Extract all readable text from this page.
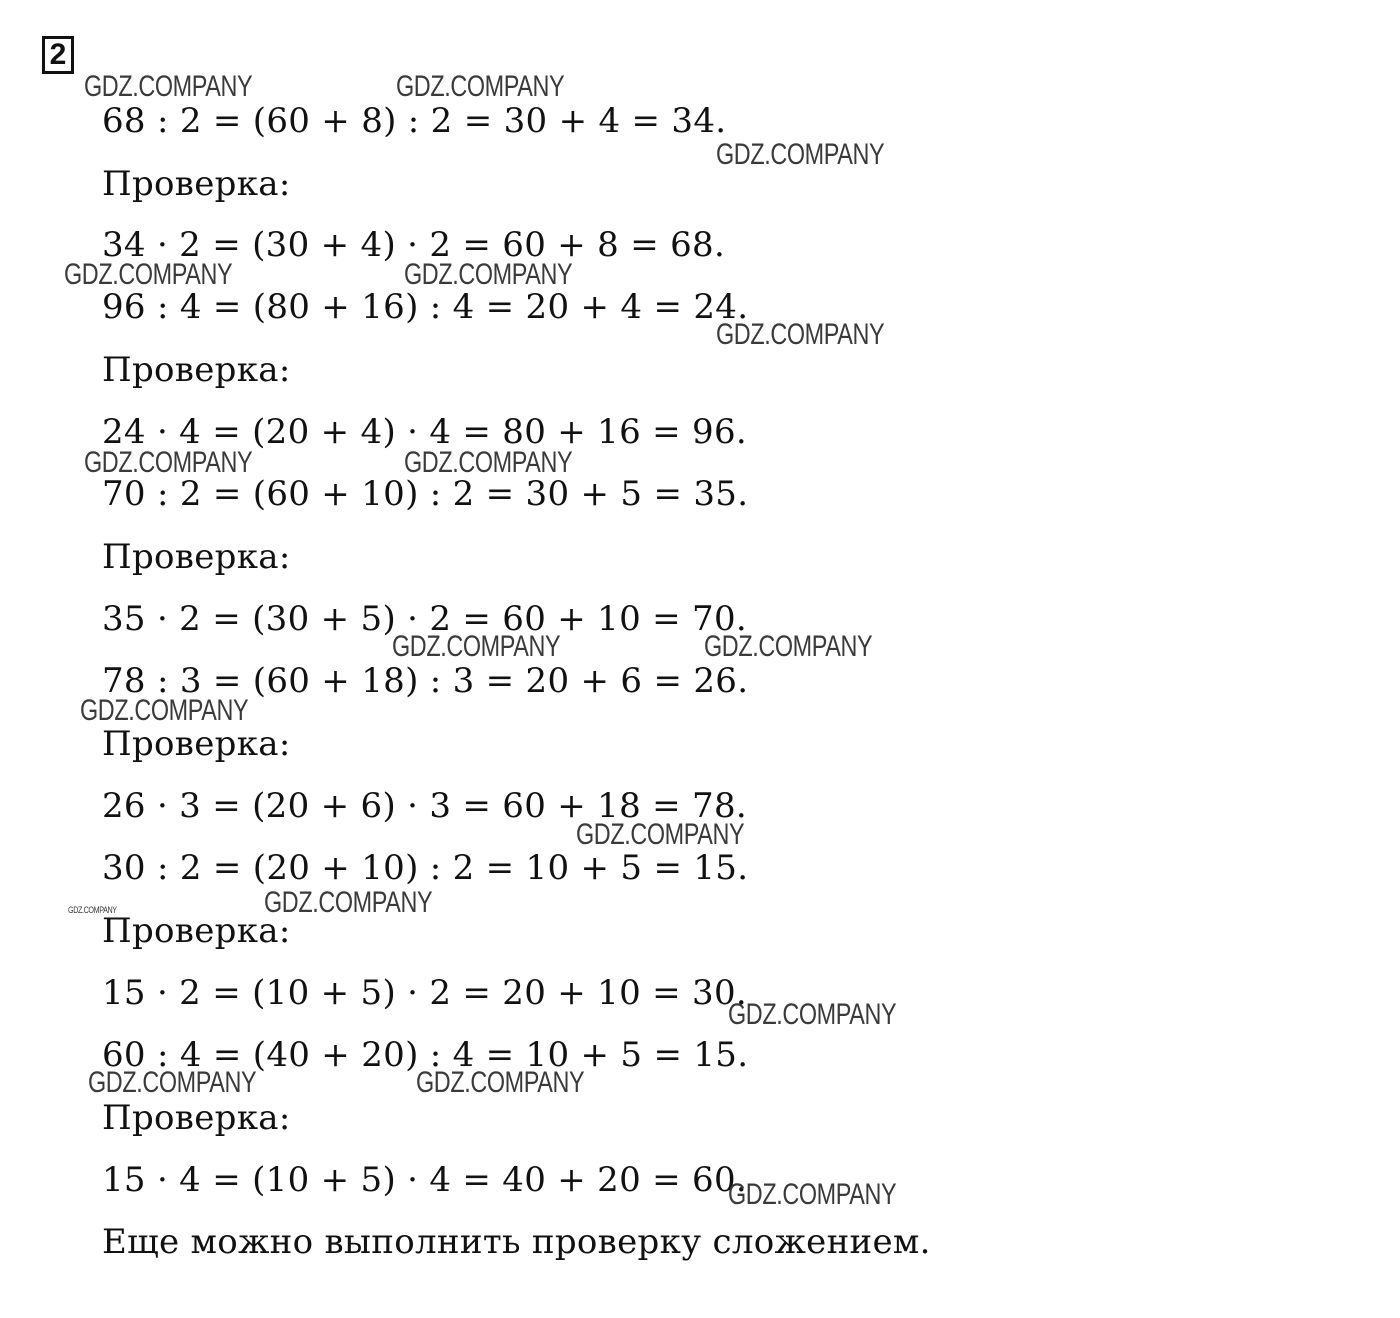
2
68 : 2 = (60 + 8) : 2 = 30 + 4 = 34.
Проверка:
34 · 2 = (30 + 4) · 2 = 60 + 8 = 68.
96 : 4 = (80 + 16) : 4 = 20 + 4 = 24.
Проверка:
24 · 4 = (20 + 4) · 4 = 80 + 16 = 96.
70 : 2 = (60 + 10) : 2 = 30 + 5 = 35.
Проверка:
35 · 2 = (30 + 5) · 2 = 60 + 10 = 70.
78 : 3 = (60 + 18) : 3 = 20 + 6 = 26.
Проверка:
26 · 3 = (20 + 6) · 3 = 60 + 18 = 78.
30 : 2 = (20 + 10) : 2 = 10 + 5 = 15.
Проверка:
15 · 2 = (10 + 5) · 2 = 20 + 10 = 30.
60 : 4 = (40 + 20) : 4 = 10 + 5 = 15.
Проверка:
15 · 4 = (10 + 5) · 4 = 40 + 20 = 60.
Еще можно выполнить проверку сложением.
GDZ.COMPANY	GDZ.COMPANY
GDZ.COMPANY
GDZ.COMPANY	GDZ.COMPANY
GDZ.COMPANY
GDZ.COMPANY	GDZ.COMPANY
GDZ.COMPANY	GDZ.COMPANY
GDZ.COMPANY
GDZ.COMPANY
GDZ.COMPANY
GDZ.COMPANY
GDZ.COMPANY
GDZ.COMPANY	GDZ.COMPANY
GDZ.COMPANY
